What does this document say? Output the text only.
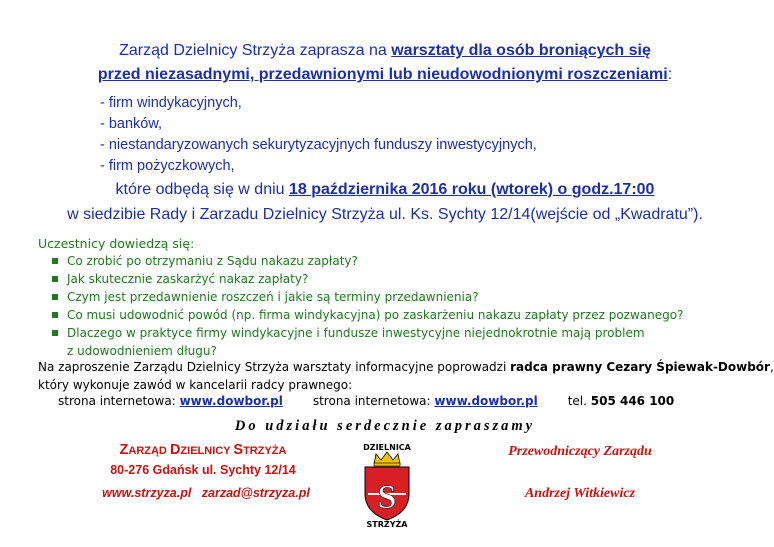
Zarząd Dzielnicy Strzyża zaprasza na warsztaty dla osób broniących się
przed niezasadnymi, przedawnionymi lub nieudowodnionymi roszczeniami:
- firm windykacyjnych,
- banków,
- niestandaryzowanych sekurytyzacyjnych funduszy inwestycyjnych,
- firm pożyczkowych,
które odbędą się w dniu 18 października 2016 roku (wtorek) o godz.17:00
w siedzibie Rady i Zarzadu Dzielnicy Strzyża ul. Ks. Sychty 12/14(wejście od „Kwadratu”).
Uczestnicy dowiedzą się:
Co zrobić po otrzymaniu z Sądu nakazu zapłaty?
Jak skutecznie zaskarżyć nakaz zapłaty?
Czym jest przedawnienie roszczeń i jakie są terminy przedawnienia?
Co musi udowodnić powód (np. firma windykacyjna) po zaskarżeniu nakazu zapłaty przez pozwanego?
Dlaczego w praktyce firmy windykacyjne i fundusze inwestycyjne niejednokrotnie mają problem
z udowodnieniem długu?
Na zaproszenie Zarządu Dzielnicy Strzyża warsztaty informacyjne poprowadzi radca prawny Cezary Śpiewak-Dowbór,
który wykonuje zawód w kancelarii radcy prawnego:
strona internetowa: www.dowbor.pl	strona internetowa: www.dowbor.pl	tel. 505 446 100
Do udziału serdecznie zapraszamy
ZARZĄD DZIELNICY STRZYŻA
80-276 Gdańsk ul. Sychty 12/14
www.strzyza.pl zarzad@strzyza.pl
Przewodniczący Zarządu
Andrzej Witkiewicz
DZIELNICA
S
STRZYŻA
